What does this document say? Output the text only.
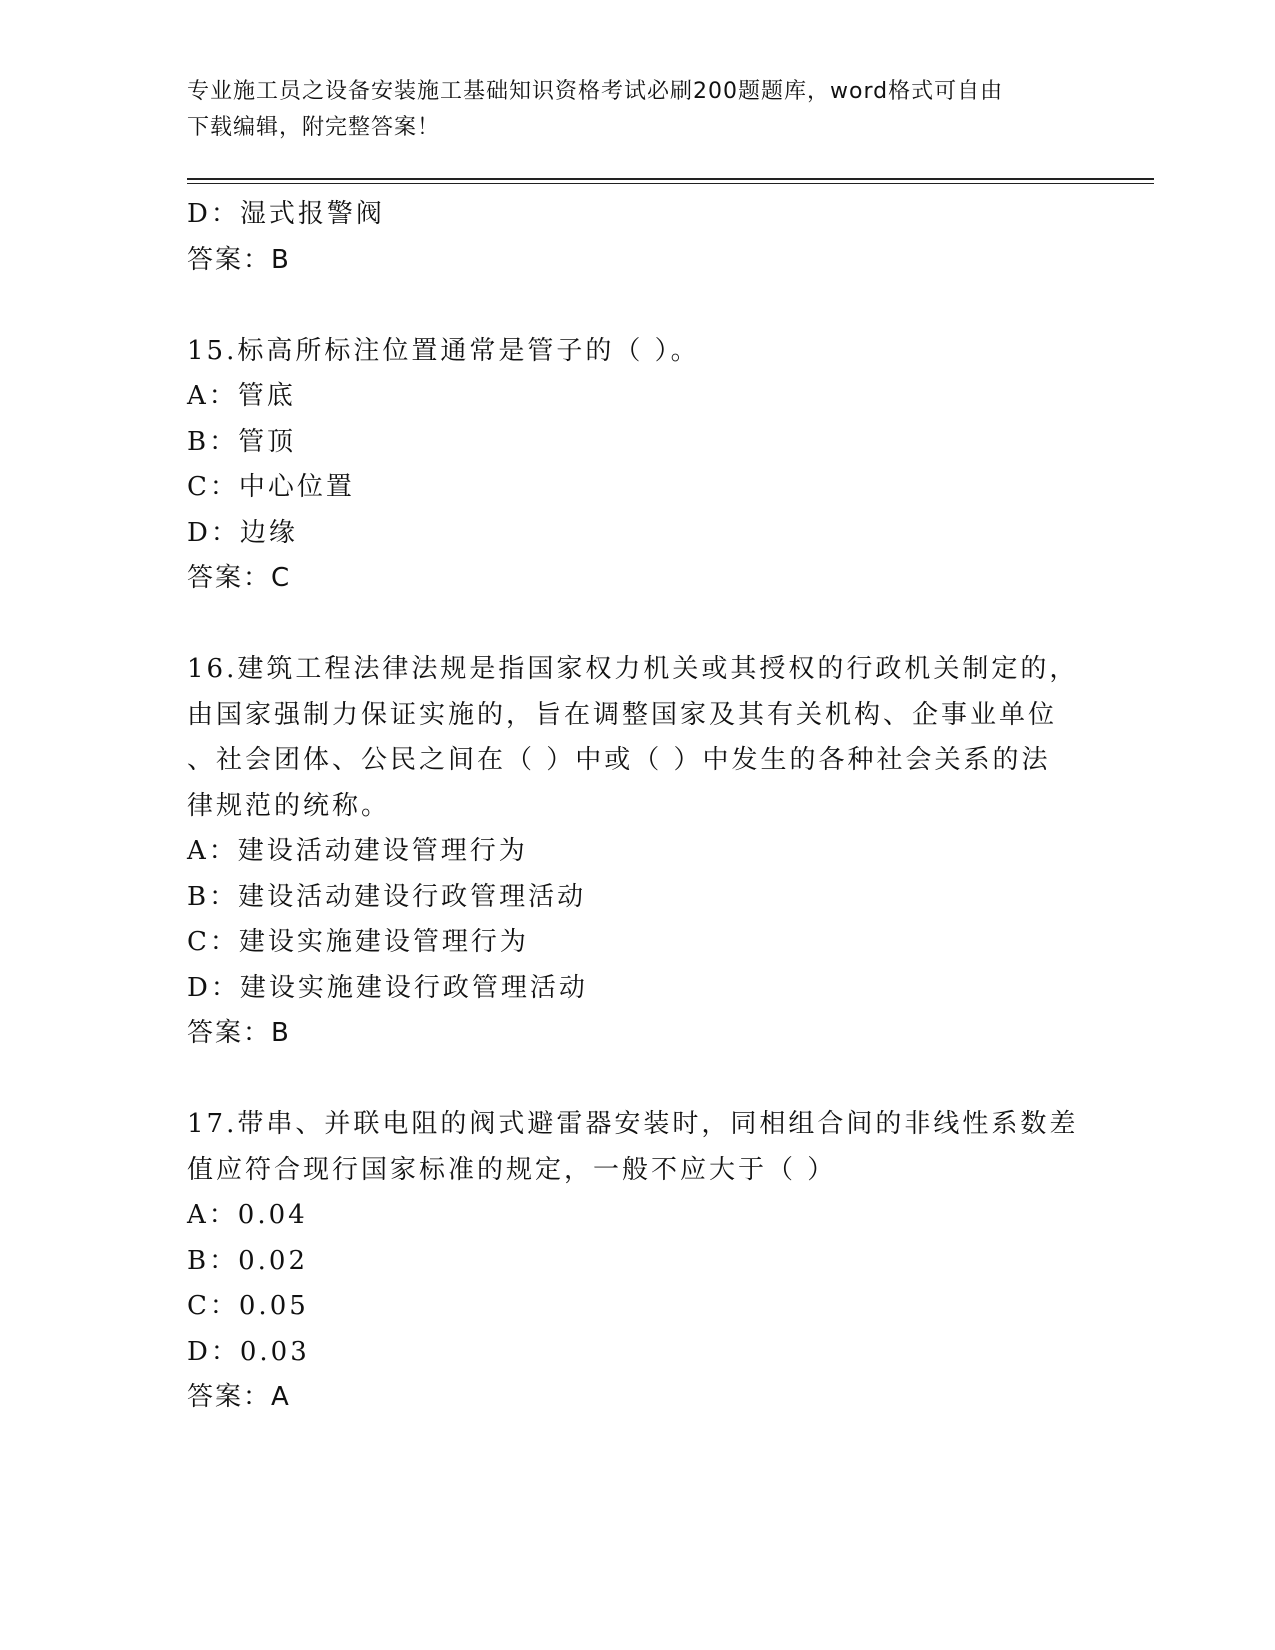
专业施工员之设备安装施工基础知识资格考试必刷200题题库，word格式可自由
下载编辑，附完整答案！
D：湿式报警阀
答案：B
15.标高所标注位置通常是管子的（ ）。
A：管底
B：管顶
C：中心位置
D：边缘
答案：C
16.建筑工程法律法规是指国家权力机关或其授权的行政机关制定的，
由国家强制力保证实施的，旨在调整国家及其有关机构、企事业单位
、社会团体、公民之间在（ ）中或（ ）中发生的各种社会关系的法
律规范的统称。
A：建设活动建设管理行为
B：建设活动建设行政管理活动
C：建设实施建设管理行为
D：建设实施建设行政管理活动
答案：B
17.带串、并联电阻的阀式避雷器安装时，同相组合间的非线性系数差
值应符合现行国家标准的规定，一般不应大于（ ）
A：0.04
B：0.02
C：0.05
D：0.03
答案：A
